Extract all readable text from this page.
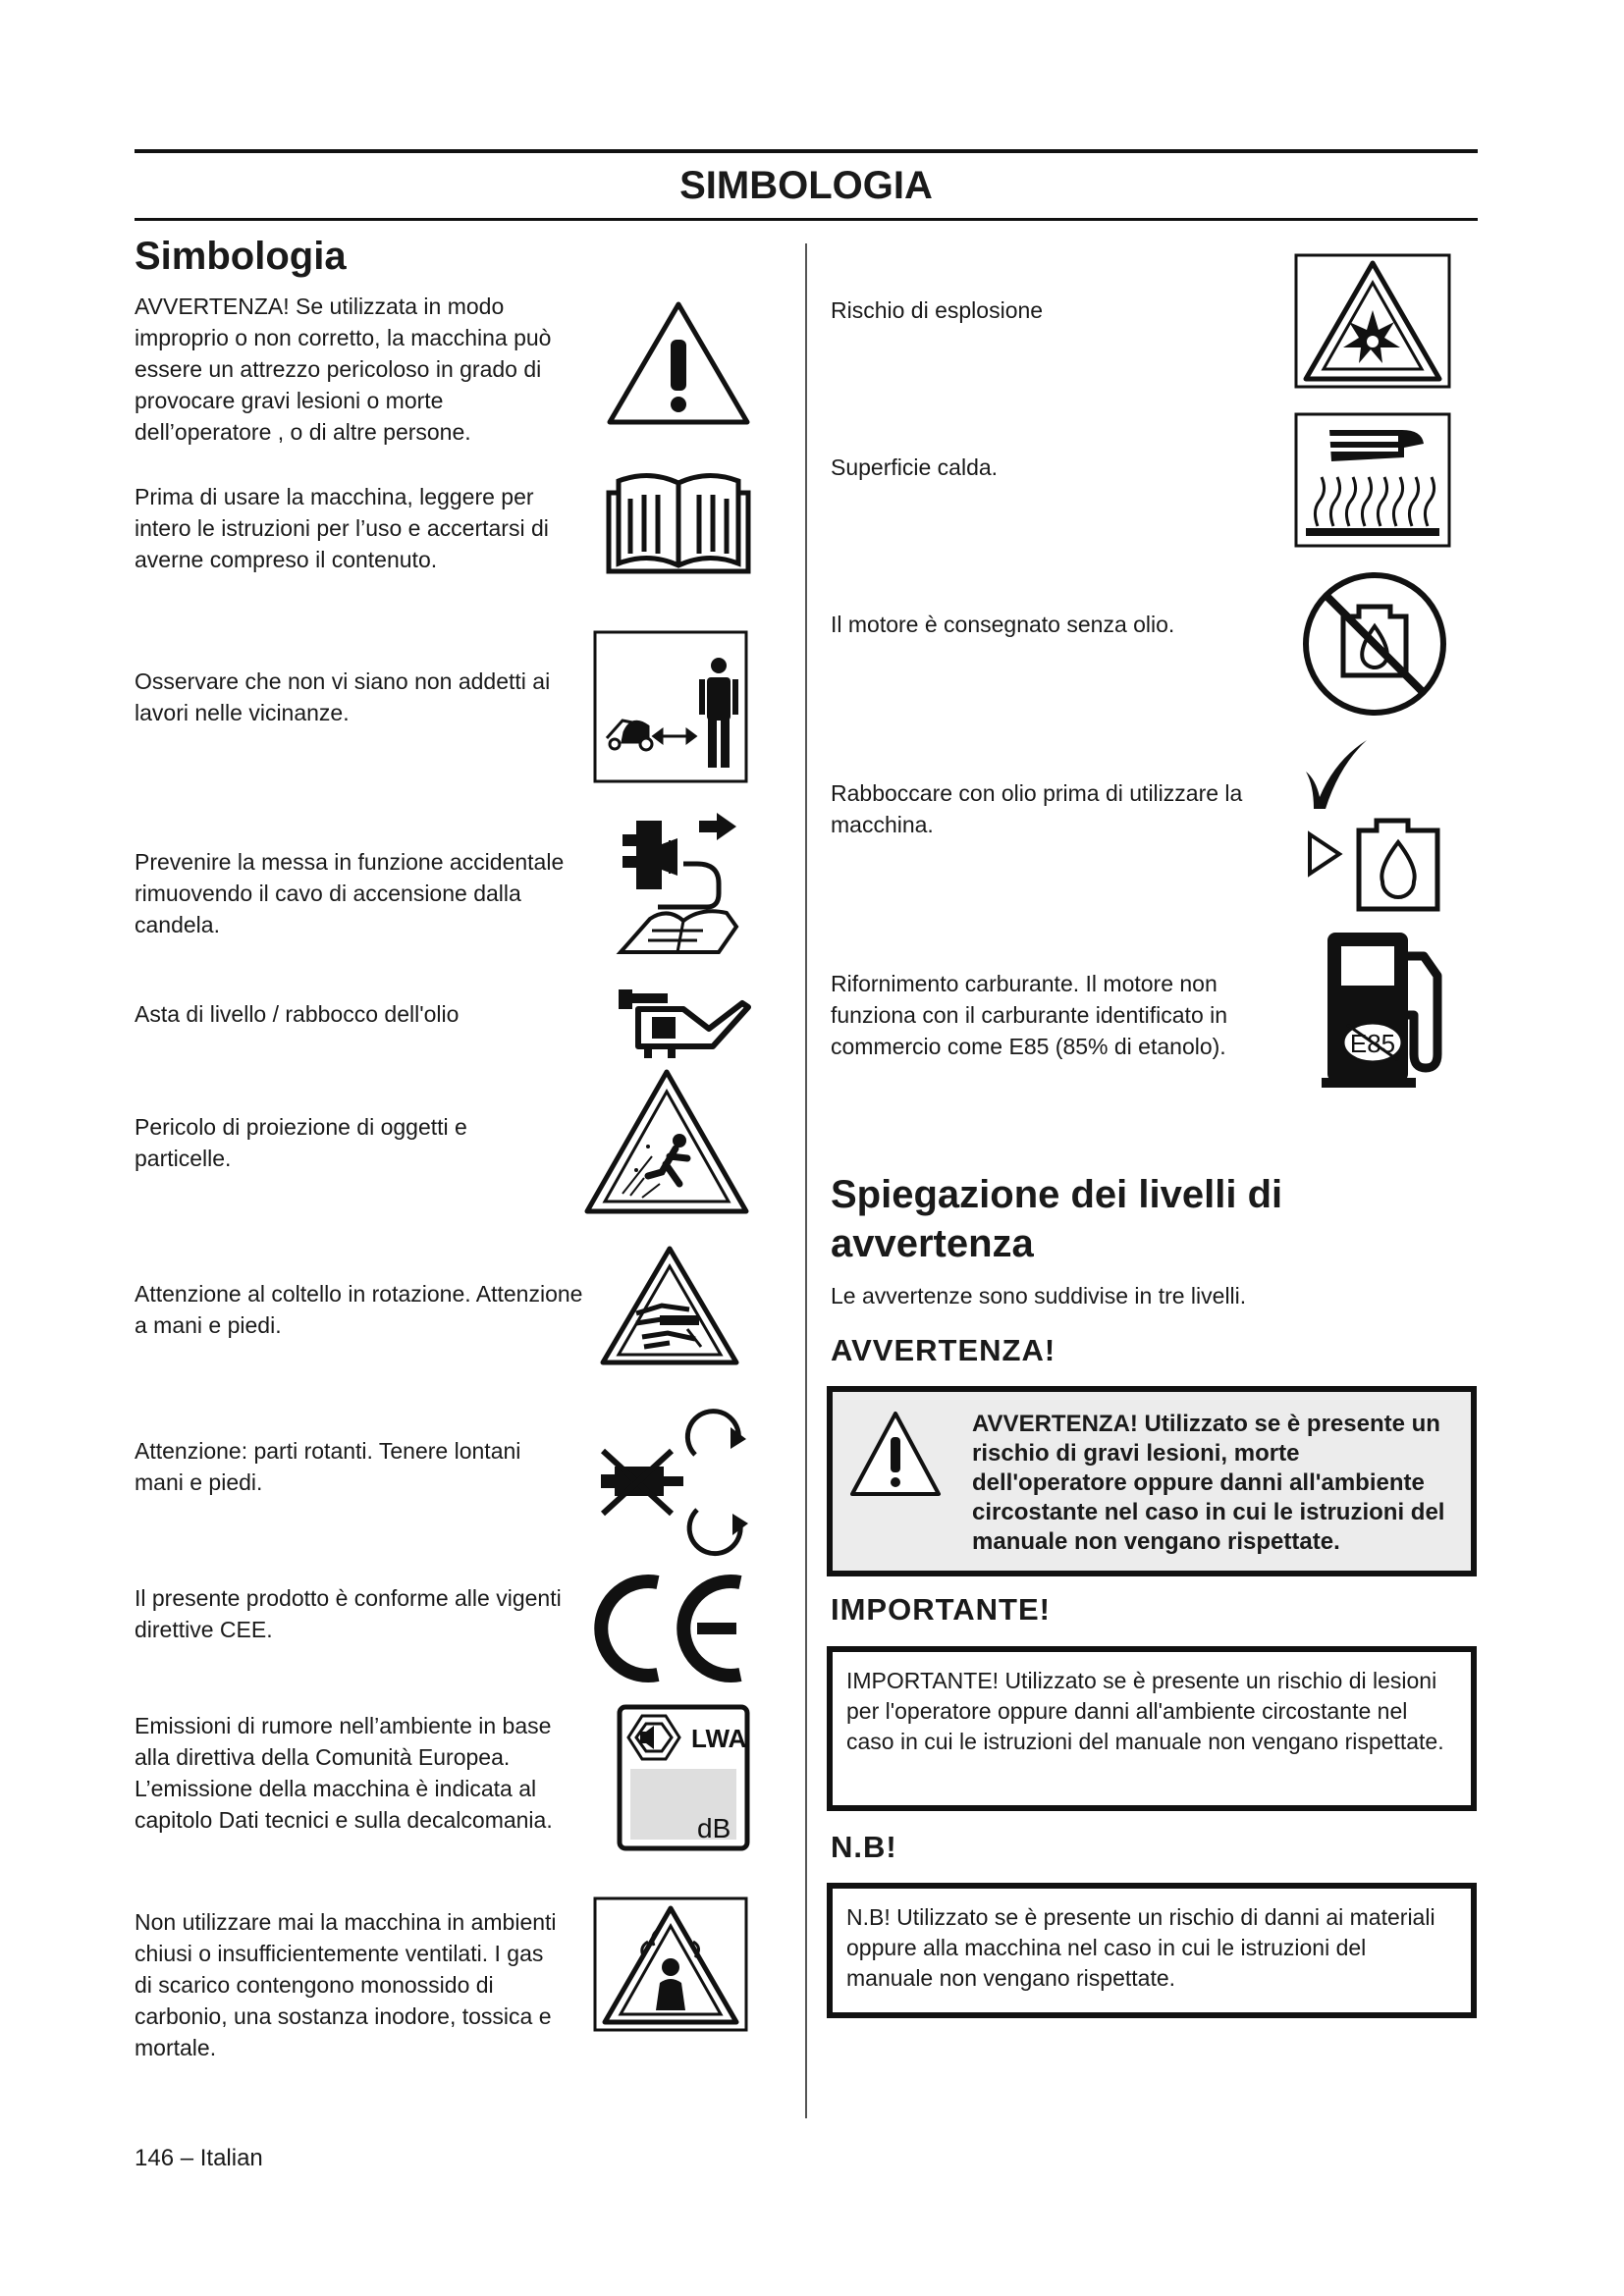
SIMBOLOGIA
Simbologia

AVVERTENZA! Se utilizzata in modo improprio o non corretto, la macchina può essere un attrezzo pericoloso in grado di provocare gravi lesioni o morte dell’operatore , o di altre persone.

Prima di usare la macchina, leggere per intero le istruzioni per l’uso e accertarsi di averne compreso il contenuto.

Osservare che non vi siano non addetti ai lavori nelle vicinanze.

Prevenire la messa in funzione accidentale rimuovendo il cavo di accensione dalla candela.

Asta di livello / rabbocco dell'olio

Pericolo di proiezione di oggetti e particelle.

Attenzione al coltello in rotazione. Attenzione a mani e piedi.

Attenzione: parti rotanti. Tenere lontani mani e piedi.

Il presente prodotto è conforme alle vigenti direttive CEE.

Emissioni di rumore nell’ambiente in base alla direttiva della Comunità Europea. L’emissione della macchina è indicata al capitolo Dati tecnici e sulla decalcomania.

LWA
dB

Non utilizzare mai la macchina in ambienti chiusi o insufficientemente ventilati. I gas di scarico contengono monossido di carbonio, una sostanza inodore, tossica e mortale.

Rischio di esplosione

Superficie calda.

Il motore è consegnato senza olio.

Rabboccare con olio prima di utilizzare la macchina.

Rifornimento carburante. Il motore non funziona con il carburante identificato in commercio come E85 (85% di etanolo).	E85
Spiegazione dei livelli di avvertenza

Le avvertenze sono suddivise in tre livelli.

AVVERTENZA!
AVVERTENZA! Utilizzato se è presente un rischio di gravi lesioni, morte dell'operatore oppure danni all'ambiente circostante nel caso in cui le istruzioni del manuale non vengano rispettate.
IMPORTANTE!
IMPORTANTE! Utilizzato se è presente un rischio di lesioni per l'operatore oppure danni all'ambiente circostante nel caso in cui le istruzioni del manuale non vengano rispettate.
N.B!
N.B! Utilizzato se è presente un rischio di danni ai materiali oppure alla macchina nel caso in cui le istruzioni del manuale non vengano rispettate.
146 – Italian
